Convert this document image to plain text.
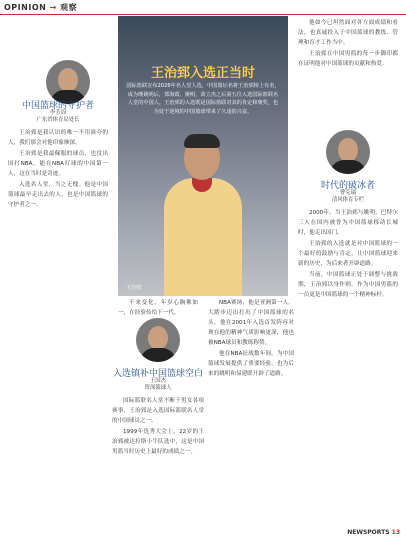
OPINION → 观察
中国篮球的守护者
李芳周
广东省体育局处长

王治郅是我认识的唯一不用谁夸的人，我们那会对他印象颇深。

王治郅是我最佩服的球员，也没出国打NBA，能在NBA打球的中国第一人，这在当时是奇迹。

入选名人堂，当之无愧。他是中国篮球最早走出去的人，也是中国篮球的守护者之一。

王治郅入选正当时
国际篮联宣布2026年名人堂人选，中国篮坛名将王治郅榜上有名，成为继姚明后，郑海霞、姚明、苗立杰之后第五位入选国际篮联名人堂的中国人。王治郅的入选既是国际篮联对其的肯定和褒奖，也为处于逆境的中国篮球带来了久违的兴奋。
王治郅

不来变化，年岁心胸佛如一，在经验传给下一代。

入选镇补中国篮球空白
王国杰
资深篮球人

国际篮联名人堂不断于男女各项赛事，王治郅是入选国际篮联名人堂的中国球员之一。

1999年选秀大会上，22岁的王治郅被达拉斯小牛队选中，这是中国男篮当时历史上最好的成绩之一。

NBA赛场，他是亚洲第一人，大踏步迈出打出了中国篮球的名头，他在2001年入选首发阵容对现在他的精神气质影响更深，他也被NBA球员和教练称赞。

他在NBA征战数年间，为中国篮球发展提供了重要经验，也为后来的姚明和易建联开辟了道路。

他如今已坦然面对各方面成绩和看法，也真诚投入于中国篮球的教练、管理和育才工作当中。

王治郅在中国男篮的每一步脚印都在证明他对中国篮球的贡献和热爱。

时代的破冰者
曹克瑞
清风体育专栏

2000年，当王治郅与姚明、巴特尔三人在国内被誉为中国篮球移动长城时，他走出国门。

王治郅的入选就是对中国篮球的一个最好的鼓励与肯定，让中国篮球迎来新的历史，为后来者开辟道路。

当前，中国篮球正处于调整与挑战期，王治郅以身作则，作为中国男篮的一员更是中国篮球的一个精神标杆。

NEWSPORTS 13
